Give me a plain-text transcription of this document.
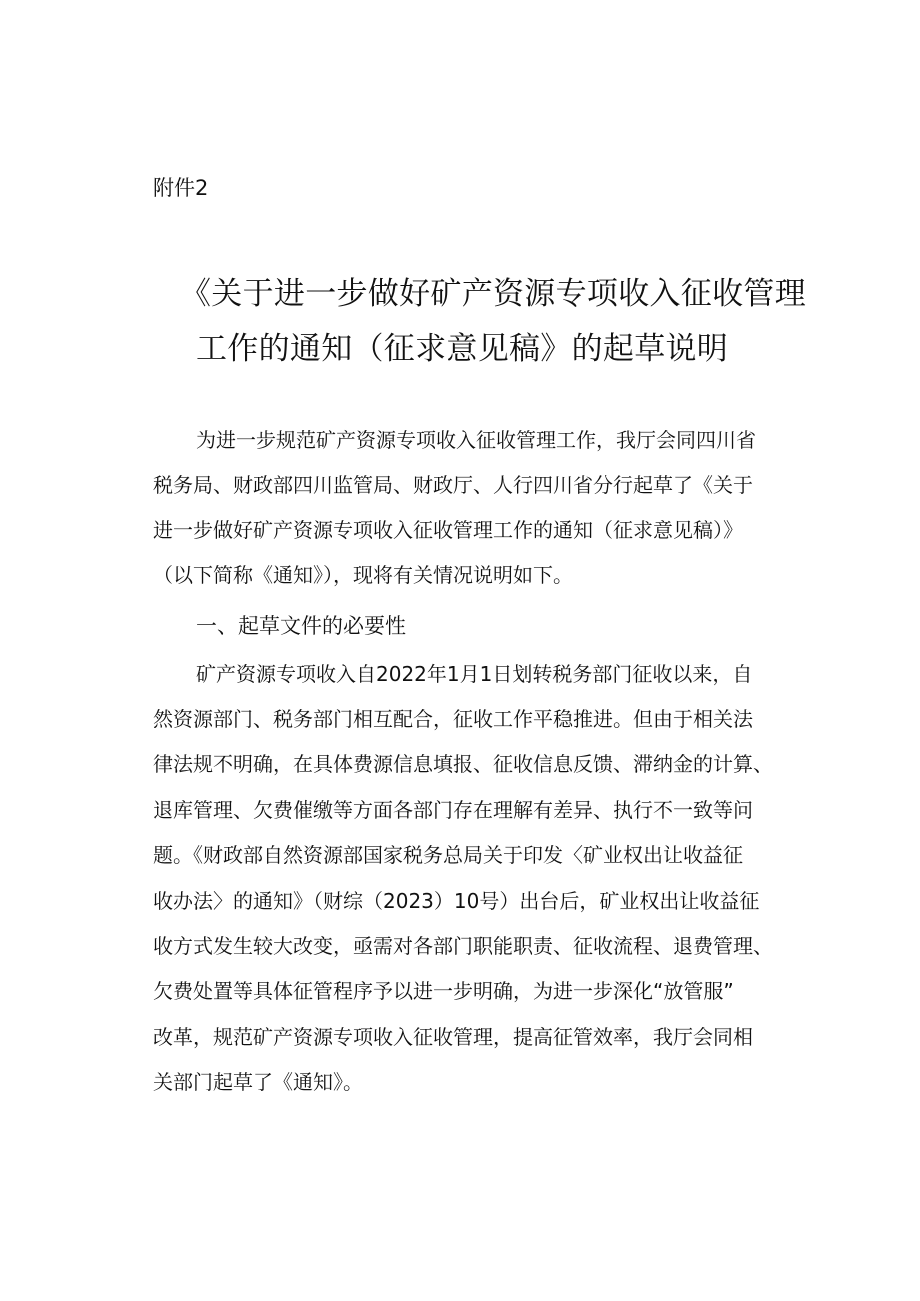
附件2
《关于进一步做好矿产资源专项收入征收管理
工作的通知（征求意见稿》的起草说明

为进一步规范矿产资源专项收入征收管理工作，我厅会同四川省

税务局、财政部四川监管局、财政厅、人行四川省分行起草了《关于

进一步做好矿产资源专项收入征收管理工作的通知（征求意见稿）》

（以下简称《通知》），现将有关情况说明如下。

一、起草文件的必要性

矿产资源专项收入自2022年1月1日划转税务部门征收以来，自

然资源部门、税务部门相互配合，征收工作平稳推进。但由于相关法

律法规不明确，在具体费源信息填报、征收信息反馈、滞纳金的计算、

退库管理、欠费催缴等方面各部门存在理解有差异、执行不一致等问

题。《财政部自然资源部国家税务总局关于印发〈矿业权出让收益征

收办法〉的通知》（财综（2023）10号）出台后，矿业权出让收益征

收方式发生较大改变，亟需对各部门职能职责、征收流程、退费管理、

欠费处置等具体征管程序予以进一步明确，为进一步深化“放管服”

改革，规范矿产资源专项收入征收管理，提高征管效率，我厅会同相

关部门起草了《通知》。
